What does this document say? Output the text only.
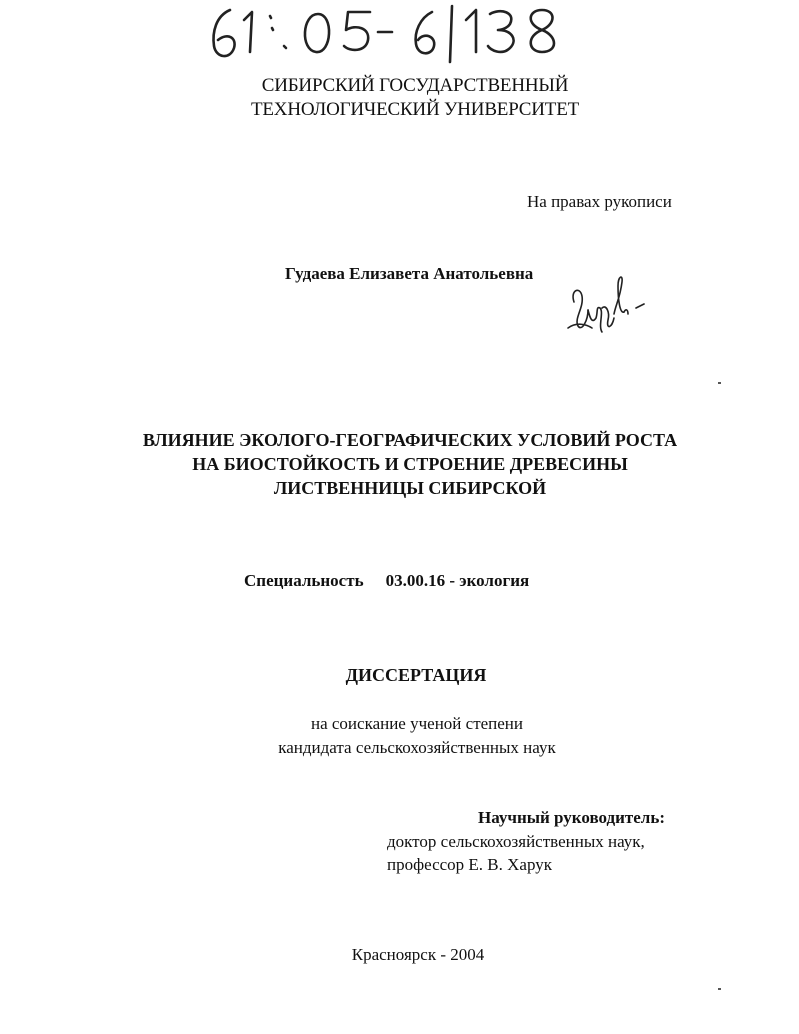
СИБИРСКИЙ ГОСУДАРСТВЕННЫЙ
ТЕХНОЛОГИЧЕСКИЙ УНИВЕРСИТЕТ
На правах рукописи
Гудаева Елизавета Анатольевна
ВЛИЯНИЕ ЭКОЛОГО-ГЕОГРАФИЧЕСКИХ УСЛОВИЙ РОСТА
НА БИОСТОЙКОСТЬ И СТРОЕНИЕ ДРЕВЕСИНЫ
ЛИСТВЕННИЦЫ СИБИРСКОЙ
Специальность 03.00.16 - экология
ДИССЕРТАЦИЯ
на соискание ученой степени
кандидата сельскохозяйственных наук
Научный руководитель:
доктор сельскохозяйственных наук,
профессор Е. В. Харук
Красноярск - 2004
